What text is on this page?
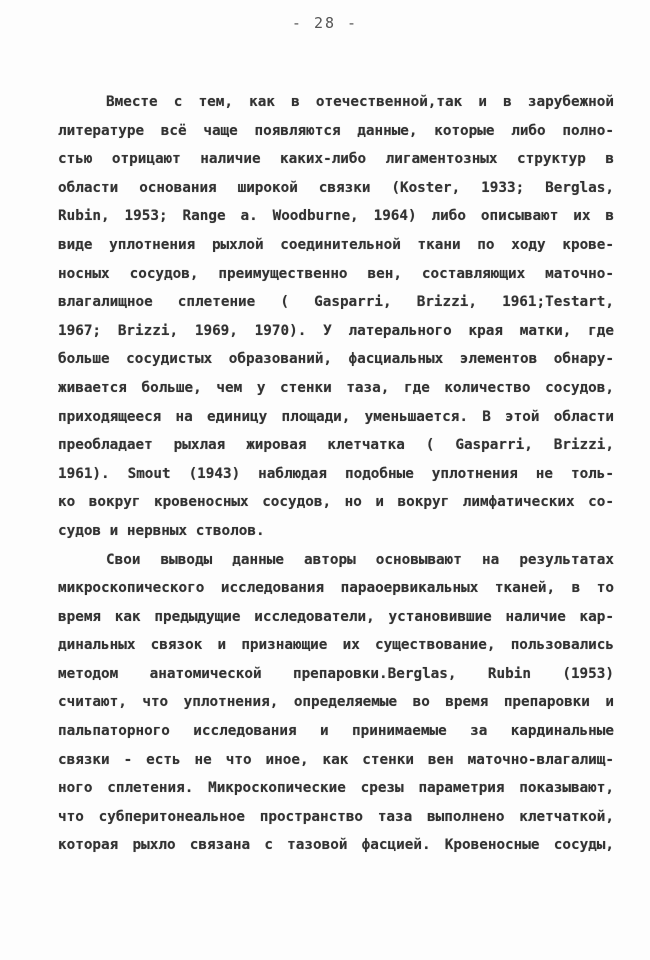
- 28 -
Вместе с тем, как в отечественной,так и в зарубежной
литературе всё чаще появляются данные, которые либо полно-
стью отрицают наличие каких-либо лигаментозных структур в
области основания широкой связки (Koster, 1933; Berglas,
Rubin, 1953; Range a. Woodburne, 1964) либо описывают их в
виде уплотнения рыхлой соединительной ткани по ходу крове-
носных сосудов, преимущественно вен, составляющих маточно-
влагалищное сплетение ( Gasparri, Brizzi, 1961;Testart,
1967; Brizzi, 1969, 1970). У латерального края матки, где
больше сосудистых образований, фасциальных элементов обнару-
живается больше, чем у стенки таза, где количество сосудов,
приходящееся на единицу площади, уменьшается. В этой области
преобладает рыхлая жировая клетчатка ( Gasparri, Brizzi,
1961). Smout (1943) наблюдая подобные уплотнения не толь-
ко вокруг кровеносных сосудов, но и вокруг лимфатических со-
судов и нервных стволов.
Свои выводы данные авторы основывают на результатах
микроскопического исследования параоервикальных тканей, в то
время как предыдущие исследователи, установившие наличие кар-
динальных связок и признающие их существование, пользовались
методом анатомической препаровки.Berglas, Rubin (1953)
считают, что уплотнения, определяемые во время препаровки и
пальпаторного исследования и принимаемые за кардинальные
связки - есть не что иное, как стенки вен маточно-влагалищ-
ного сплетения. Микроскопические срезы параметрия показывают,
что субперитонеальное пространство таза выполнено клетчаткой,
которая рыхло связана с тазовой фасцией. Кровеносные сосуды,
